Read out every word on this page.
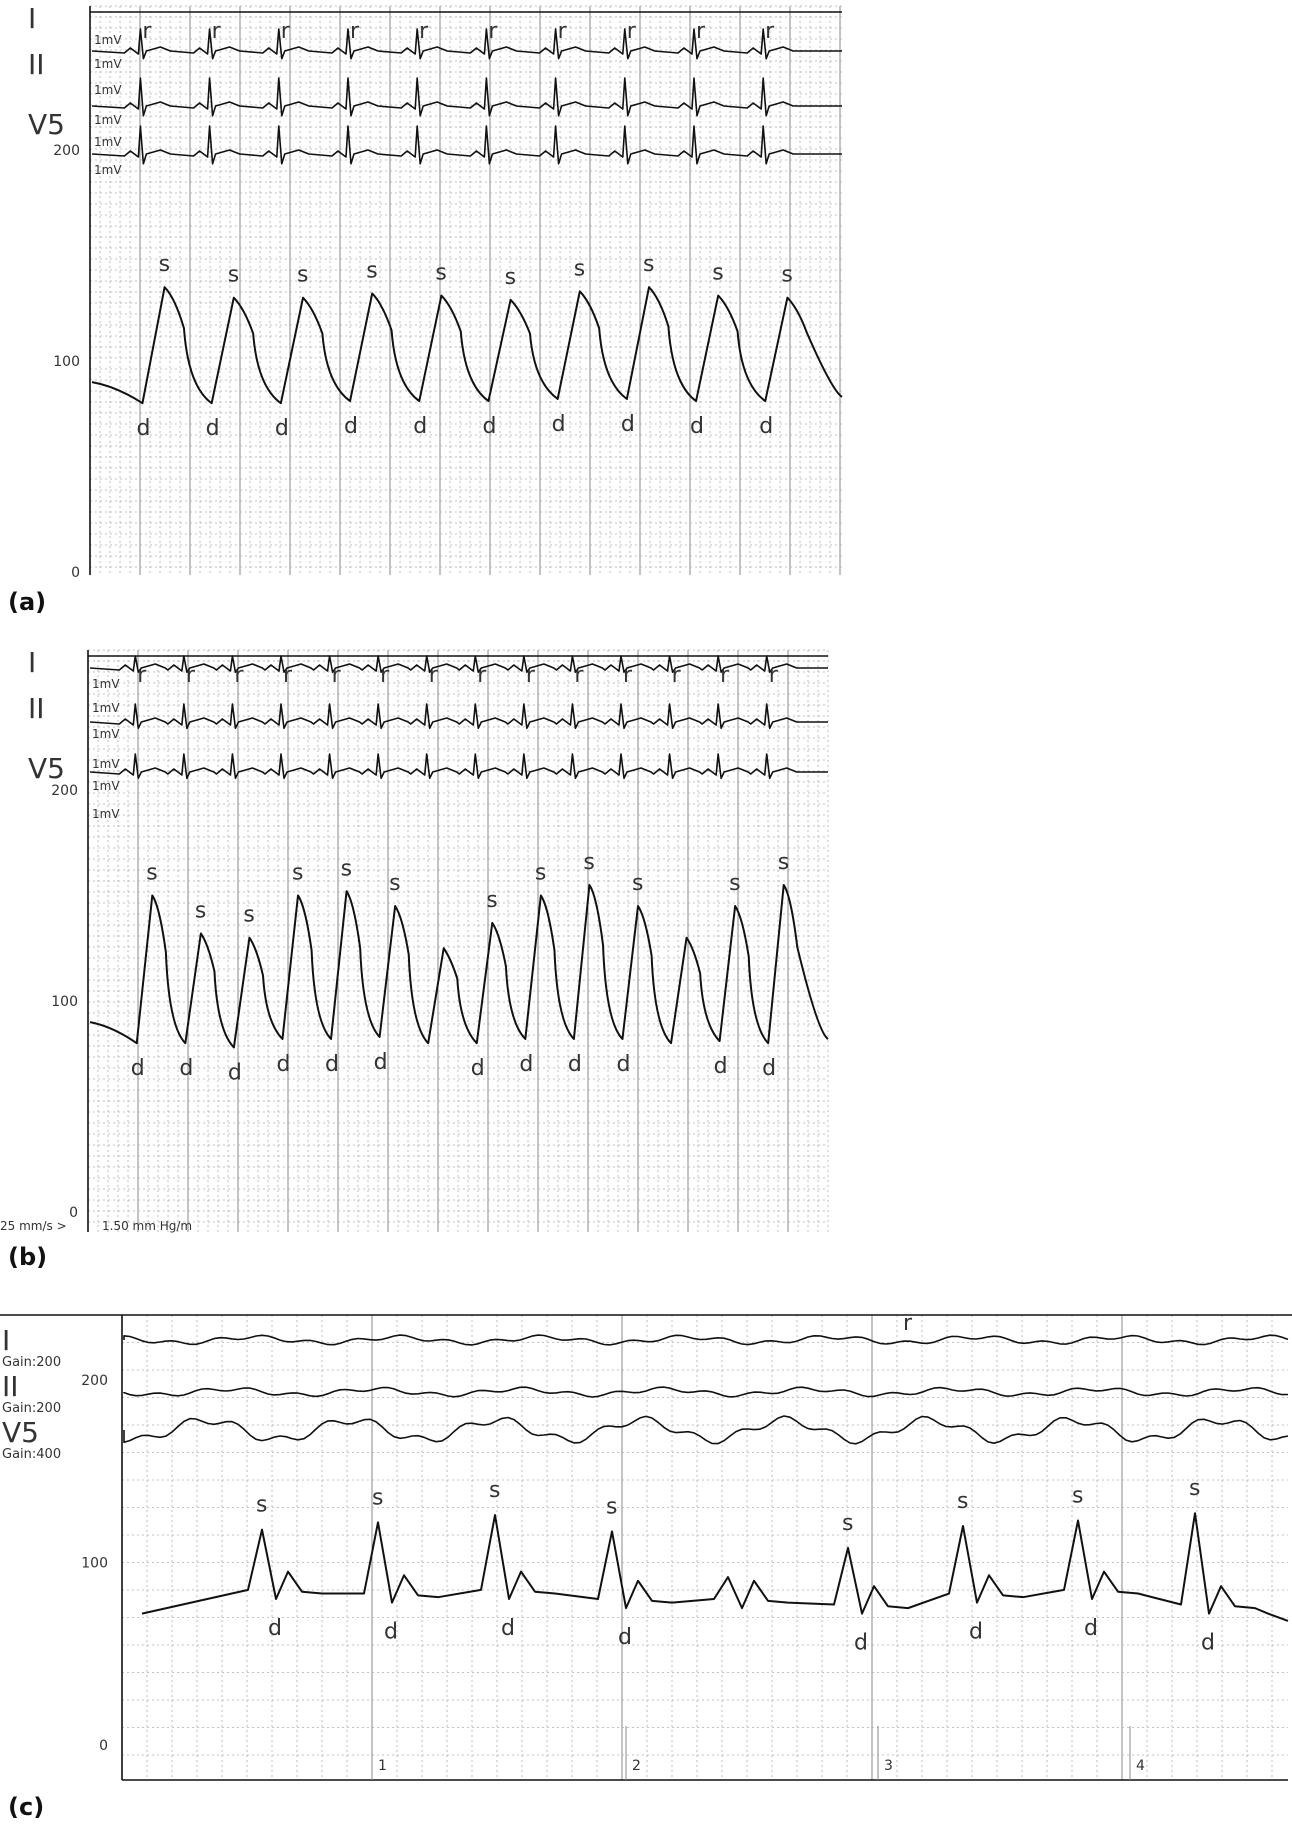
I
II
V5
1mV
1mV
1mV
1mV
1mV
1mV
200
100
0
r	r	r	r	r	r	r	r	r	r
s
d
s
d
s
d
s
d
s
d
s
d
s
d
s
d
s
d
s
d
I
II
V5
1mV
1mV
1mV
1mV
1mV
1mV
200
100
0
r r r r r r r r r r r r r r
s
d
s
d
s
d
s
d
s
d
s
d
s
d
s
d
s
d
s
d
s
d
s
d
25 mm/s >	1.50 mm Hg/m
200
100
0
I
Gain:200
II
Gain:200
V5
Gain:400
r
s
d
s
d
s
d
s
d
s
d
s
d
s
d
s
d
1	2	3	4
(a)
(b)
(c)
